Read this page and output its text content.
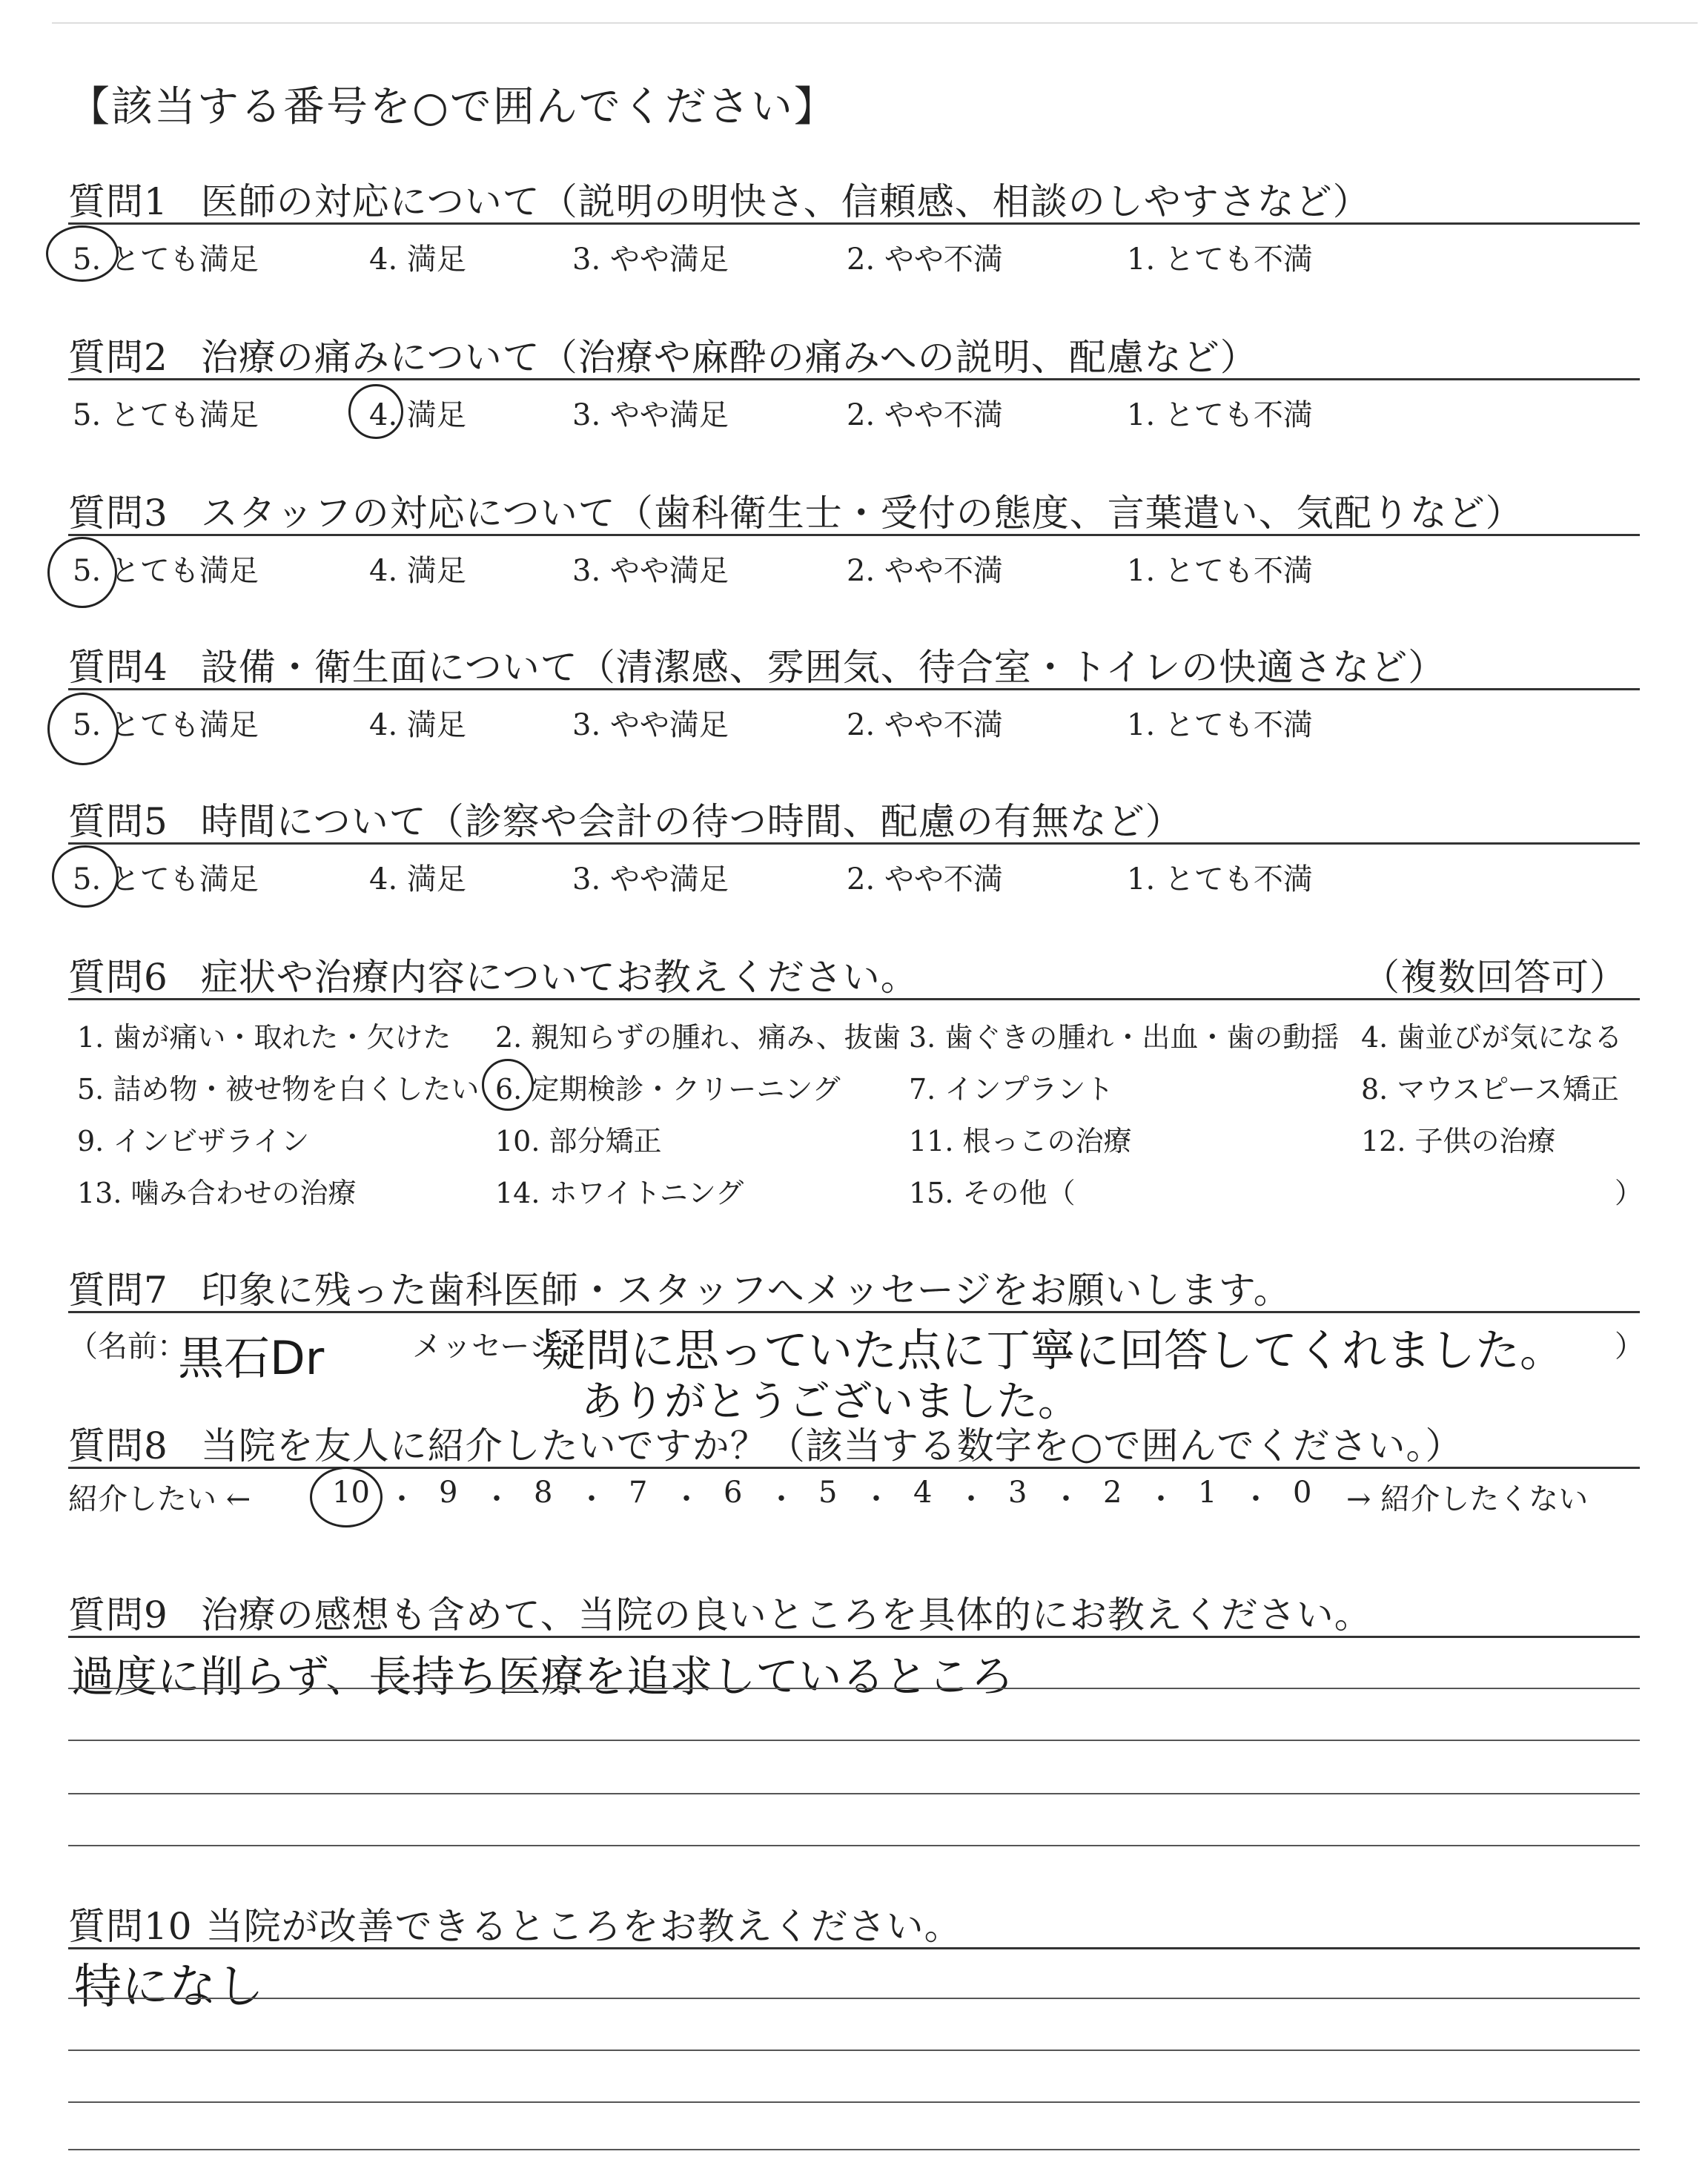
【該当する番号を○で囲んでください】
質問1 医師の対応について（説明の明快さ、信頼感、相談のしやすさなど）
5. とても満足	4. 満足	3. やや満足	2. やや不満	1. とても不満
質問2 治療の痛みについて（治療や麻酔の痛みへの説明、配慮など）
5. とても満足	4. 満足	3. やや満足	2. やや不満	1. とても不満
質問3 スタッフの対応について（歯科衛生士・受付の態度、言葉遣い、気配りなど）
5. とても満足	4. 満足	3. やや満足	2. やや不満	1. とても不満
質問4 設備・衛生面について（清潔感、雰囲気、待合室・トイレの快適さなど）
5. とても満足	4. 満足	3. やや満足	2. やや不満	1. とても不満
質問5 時間について（診察や会計の待つ時間、配慮の有無など）
5. とても満足	4. 満足	3. やや満足	2. やや不満	1. とても不満
質問6 症状や治療内容についてお教えください。	（複数回答可）
1. 歯が痛い・取れた・欠けた 2. 親知らずの腫れ、痛み、抜歯 3. 歯ぐきの腫れ・出血・歯の動揺 4. 歯並びが気になる
5. 詰め物・被せ物を白くしたい 6. 定期検診・クリーニング 7. インプラント	8. マウスピース矯正
9. インビザライン	10. 部分矯正	11. 根っこの治療	12. 子供の治療
13. 噛み合わせの治療	14. ホワイトニング	15. その他（	）
質問7 印象に残った歯科医師・スタッフへメッセージをお願いします。
（名前：
黒石Dr	メッセージ：
疑問に思っていた点に丁寧に回答してくれました。 ）
ありがとうございました。
質問8 当院を友人に紹介したいですか？（該当する数字を○で囲んでください。）
紹介したい ←	10 ・ 9 ・ 8 ・ 7 ・ 6 ・ 5 ・ 4 ・ 3 ・ 2 ・ 1 ・ 0 → 紹介したくない
質問9 治療の感想も含めて、当院の良いところを具体的にお教えください。
過度に削らず、長持ち医療を追求しているところ
質問10 当院が改善できるところをお教えください。
特になし
